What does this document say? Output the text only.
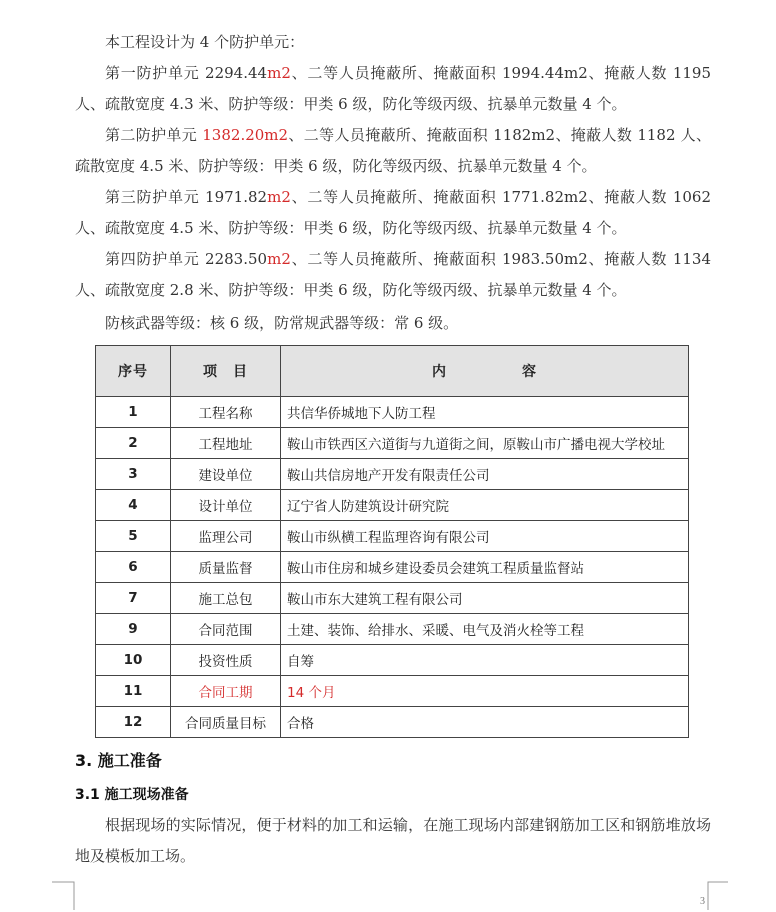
本工程设计为 4 个防护单元：
第一防护单元 2294.44m2、二等人员掩蔽所、掩蔽面积 1994.44m2、掩蔽人数 1195 人、疏散宽度 4.3 米、防护等级：甲类 6 级，防化等级丙级、抗暴单元数量 4 个。
第二防护单元 1382.20m2、二等人员掩蔽所、掩蔽面积 1182m2、掩蔽人数 1182 人、疏散宽度 4.5 米、防护等级：甲类 6 级，防化等级丙级、抗暴单元数量 4 个。
第三防护单元 1971.82m2、二等人员掩蔽所、掩蔽面积 1771.82m2、掩蔽人数 1062 人、疏散宽度 4.5 米、防护等级：甲类 6 级，防化等级丙级、抗暴单元数量 4 个。
第四防护单元 2283.50m2、二等人员掩蔽所、掩蔽面积 1983.50m2、掩蔽人数 1134 人、疏散宽度 2.8 米、防护等级：甲类 6 级，防化等级丙级、抗暴单元数量 4 个。
防核武器等级：核 6 级，防常规武器等级：常 6 级。
序号	项　目	内　　　　　容
1	工程名称	共信华侨城地下人防工程
2	工程地址	鞍山市铁西区六道街与九道街之间，原鞍山市广播电视大学校址
3	建设单位	鞍山共信房地产开发有限责任公司
4	设计单位	辽宁省人防建筑设计研究院
5	监理公司	鞍山市纵横工程监理咨询有限公司
6	质量监督	鞍山市住房和城乡建设委员会建筑工程质量监督站
7	施工总包	鞍山市东大建筑工程有限公司
9	合同范围	土建、装饰、给排水、采暖、电气及消火栓等工程
10	投资性质	自筹
11	合同工期	14 个月
12	合同质量目标	合格
3. 施工准备
3.1 施工现场准备
根据现场的实际情况，便于材料的加工和运输，在施工现场内部建钢筋加工区和钢筋堆放场地及模板加工场。
3
